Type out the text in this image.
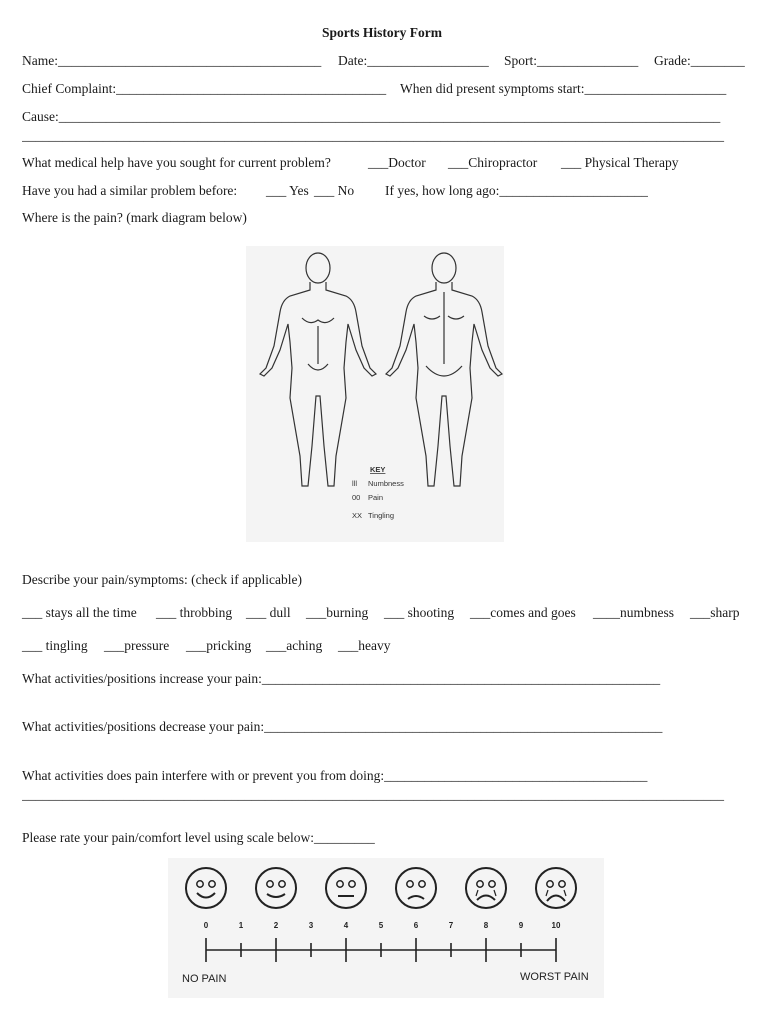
Sports History Form
Name:_______________________________________ Date:__________________ Sport:_______________ Grade:________
Chief Complaint:________________________________________ When did present symptoms start:_____________________
Cause:__________________________________________________________________________________________________
________________________________________________________________________________________________________
What medical help have you sought for current problem?	___Doctor ___Chiropractor ___ Physical Therapy
Have you had a similar problem before: ___ Yes ___ No If yes, how long ago:______________________
Where is the pain? (mark diagram below)
KEY
lll Numbness
00 Pain
XX Tingling
Describe your pain/symptoms: (check if applicable)
___ stays all the time ___ throbbing ___ dull ___burning ___ shooting ___comes and goes ____numbness ___sharp
___ tingling ___pressure ___pricking ___aching ___heavy
What activities/positions increase your pain:___________________________________________________________
What activities/positions decrease your pain:___________________________________________________________
What activities does pain interfere with or prevent you from doing:_______________________________________
________________________________________________________________________________________________________
Please rate your pain/comfort level using scale below:_________
0	1	2	3	4	5	6	7	8	9	10
NO PAIN	WORST PAIN
